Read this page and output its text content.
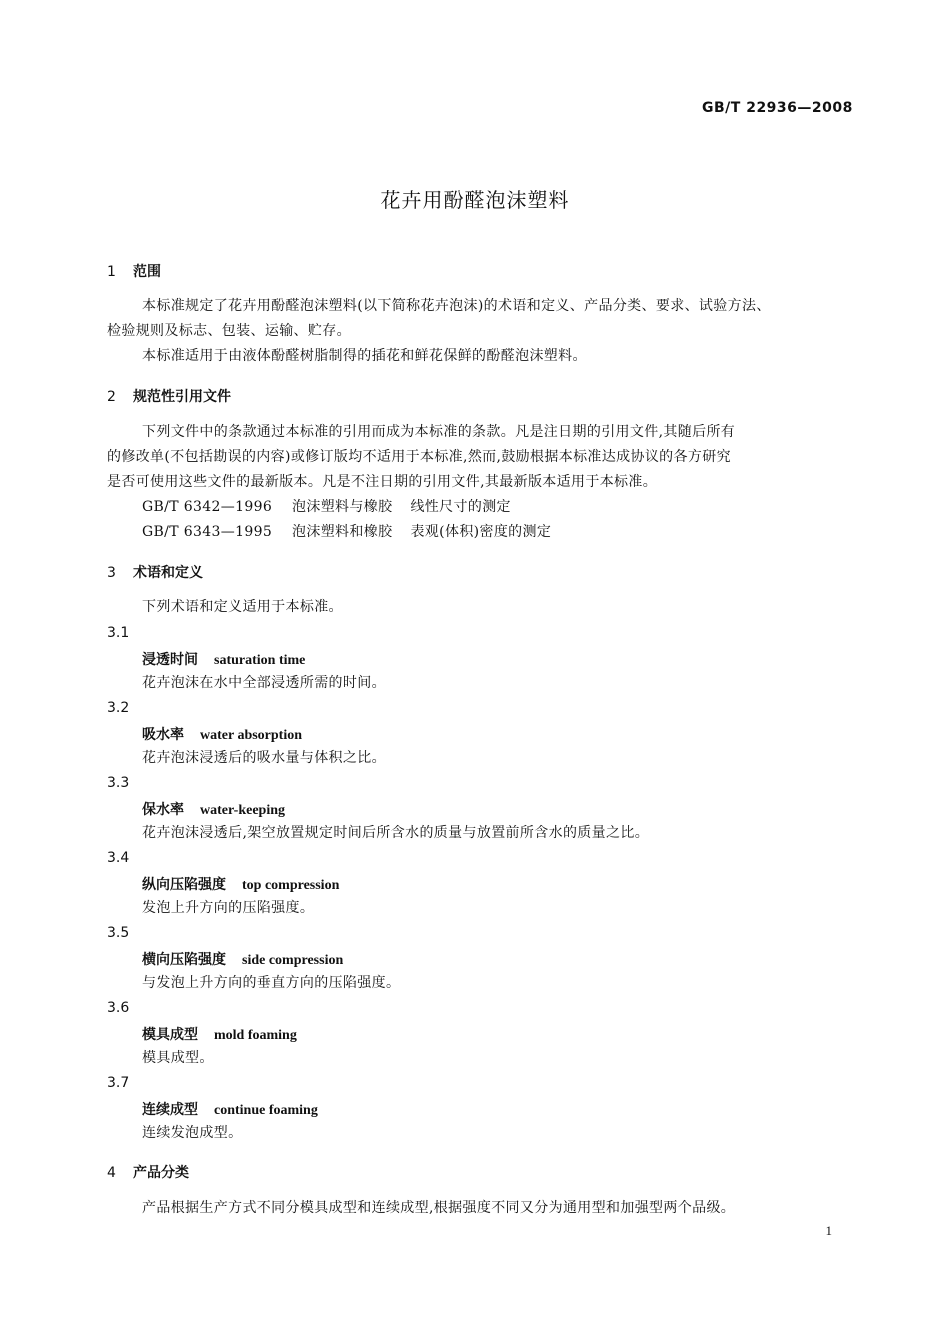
GB/T 22936—2008
花卉用酚醛泡沫塑料
1 范围
本标准规定了花卉用酚醛泡沫塑料(以下简称花卉泡沫)的术语和定义、产品分类、要求、试验方法、
检验规则及标志、包装、运输、贮存。
本标准适用于由液体酚醛树脂制得的插花和鲜花保鲜的酚醛泡沫塑料。
2 规范性引用文件
下列文件中的条款通过本标准的引用而成为本标准的条款。凡是注日期的引用文件,其随后所有
的修改单(不包括勘误的内容)或修订版均不适用于本标准,然而,鼓励根据本标准达成协议的各方研究
是否可使用这些文件的最新版本。凡是不注日期的引用文件,其最新版本适用于本标准。
GB/T 6342—1996 泡沫塑料与橡胶 线性尺寸的测定
GB/T 6343—1995 泡沫塑料和橡胶 表观(体积)密度的测定
3 术语和定义
下列术语和定义适用于本标准。
3.1
浸透时间 saturation time
花卉泡沫在水中全部浸透所需的时间。
3.2
吸水率 water absorption
花卉泡沫浸透后的吸水量与体积之比。
3.3
保水率 water-keeping
花卉泡沫浸透后,架空放置规定时间后所含水的质量与放置前所含水的质量之比。
3.4
纵向压陷强度 top compression
发泡上升方向的压陷强度。
3.5
横向压陷强度 side compression
与发泡上升方向的垂直方向的压陷强度。
3.6
模具成型 mold foaming
模具成型。
3.7
连续成型 continue foaming
连续发泡成型。
4 产品分类
产品根据生产方式不同分模具成型和连续成型,根据强度不同又分为通用型和加强型两个品级。
1
